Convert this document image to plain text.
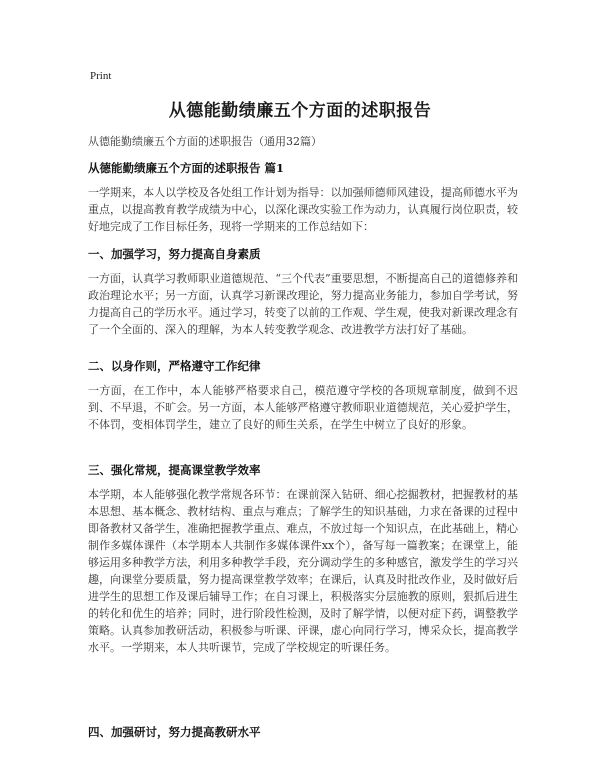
Print
从德能勤绩廉五个方面的述职报告
从德能勤绩廉五个方面的述职报告（通用32篇）
从德能勤绩廉五个方面的述职报告 篇1
一学期来，本人以学校及各处组工作计划为指导：以加强师德师风建设，提高师德水平为重点，以提高教育教学成绩为中心，以深化课改实验工作为动力，认真履行岗位职责，较好地完成了工作目标任务，现将一学期来的工作总结如下：
一、加强学习，努力提高自身素质
一方面，认真学习教师职业道德规范、“三个代表”重要思想，不断提高自己的道德修养和政治理论水平；另一方面，认真学习新课改理论，努力提高业务能力，参加自学考试，努力提高自己的学历水平。通过学习，转变了以前的工作观、学生观，使我对新课改理念有了一个全面的、深入的理解，为本人转变教学观念、改进教学方法打好了基础。
二、以身作则，严格遵守工作纪律
一方面，在工作中，本人能够严格要求自己，模范遵守学校的各项规章制度，做到不迟到、不早退，不旷会。另一方面，本人能够严格遵守教师职业道德规范，关心爱护学生，不体罚，变相体罚学生，建立了良好的师生关系，在学生中树立了良好的形象。
三、强化常规，提高课堂教学效率
本学期，本人能够强化教学常规各环节：在课前深入钻研、细心挖掘教材，把握教材的基本思想、基本概念、教材结构、重点与难点；了解学生的知识基础，力求在备课的过程中即备教材又备学生，准确把握教学重点、难点，不放过每一个知识点，在此基础上，精心制作多媒体课件（本学期本人共制作多媒体课件xx个），备写每一篇教案；在课堂上，能够运用多种教学方法，利用多种教学手段，充分调动学生的多种感官，激发学生的学习兴趣，向课堂分要质量，努力提高课堂教学效率；在课后，认真及时批改作业，及时做好后进学生的思想工作及课后辅导工作；在自习课上，积极落实分层施教的原则，狠抓后进生的转化和优生的培养；同时，进行阶段性检测，及时了解学情，以便对症下药，调整教学策略。认真参加教研活动，积极参与听课、评课，虚心向同行学习，博采众长，提高教学水平。一学期来，本人共听课节，完成了学校规定的听课任务。
四、加强研讨，努力提高教研水平
